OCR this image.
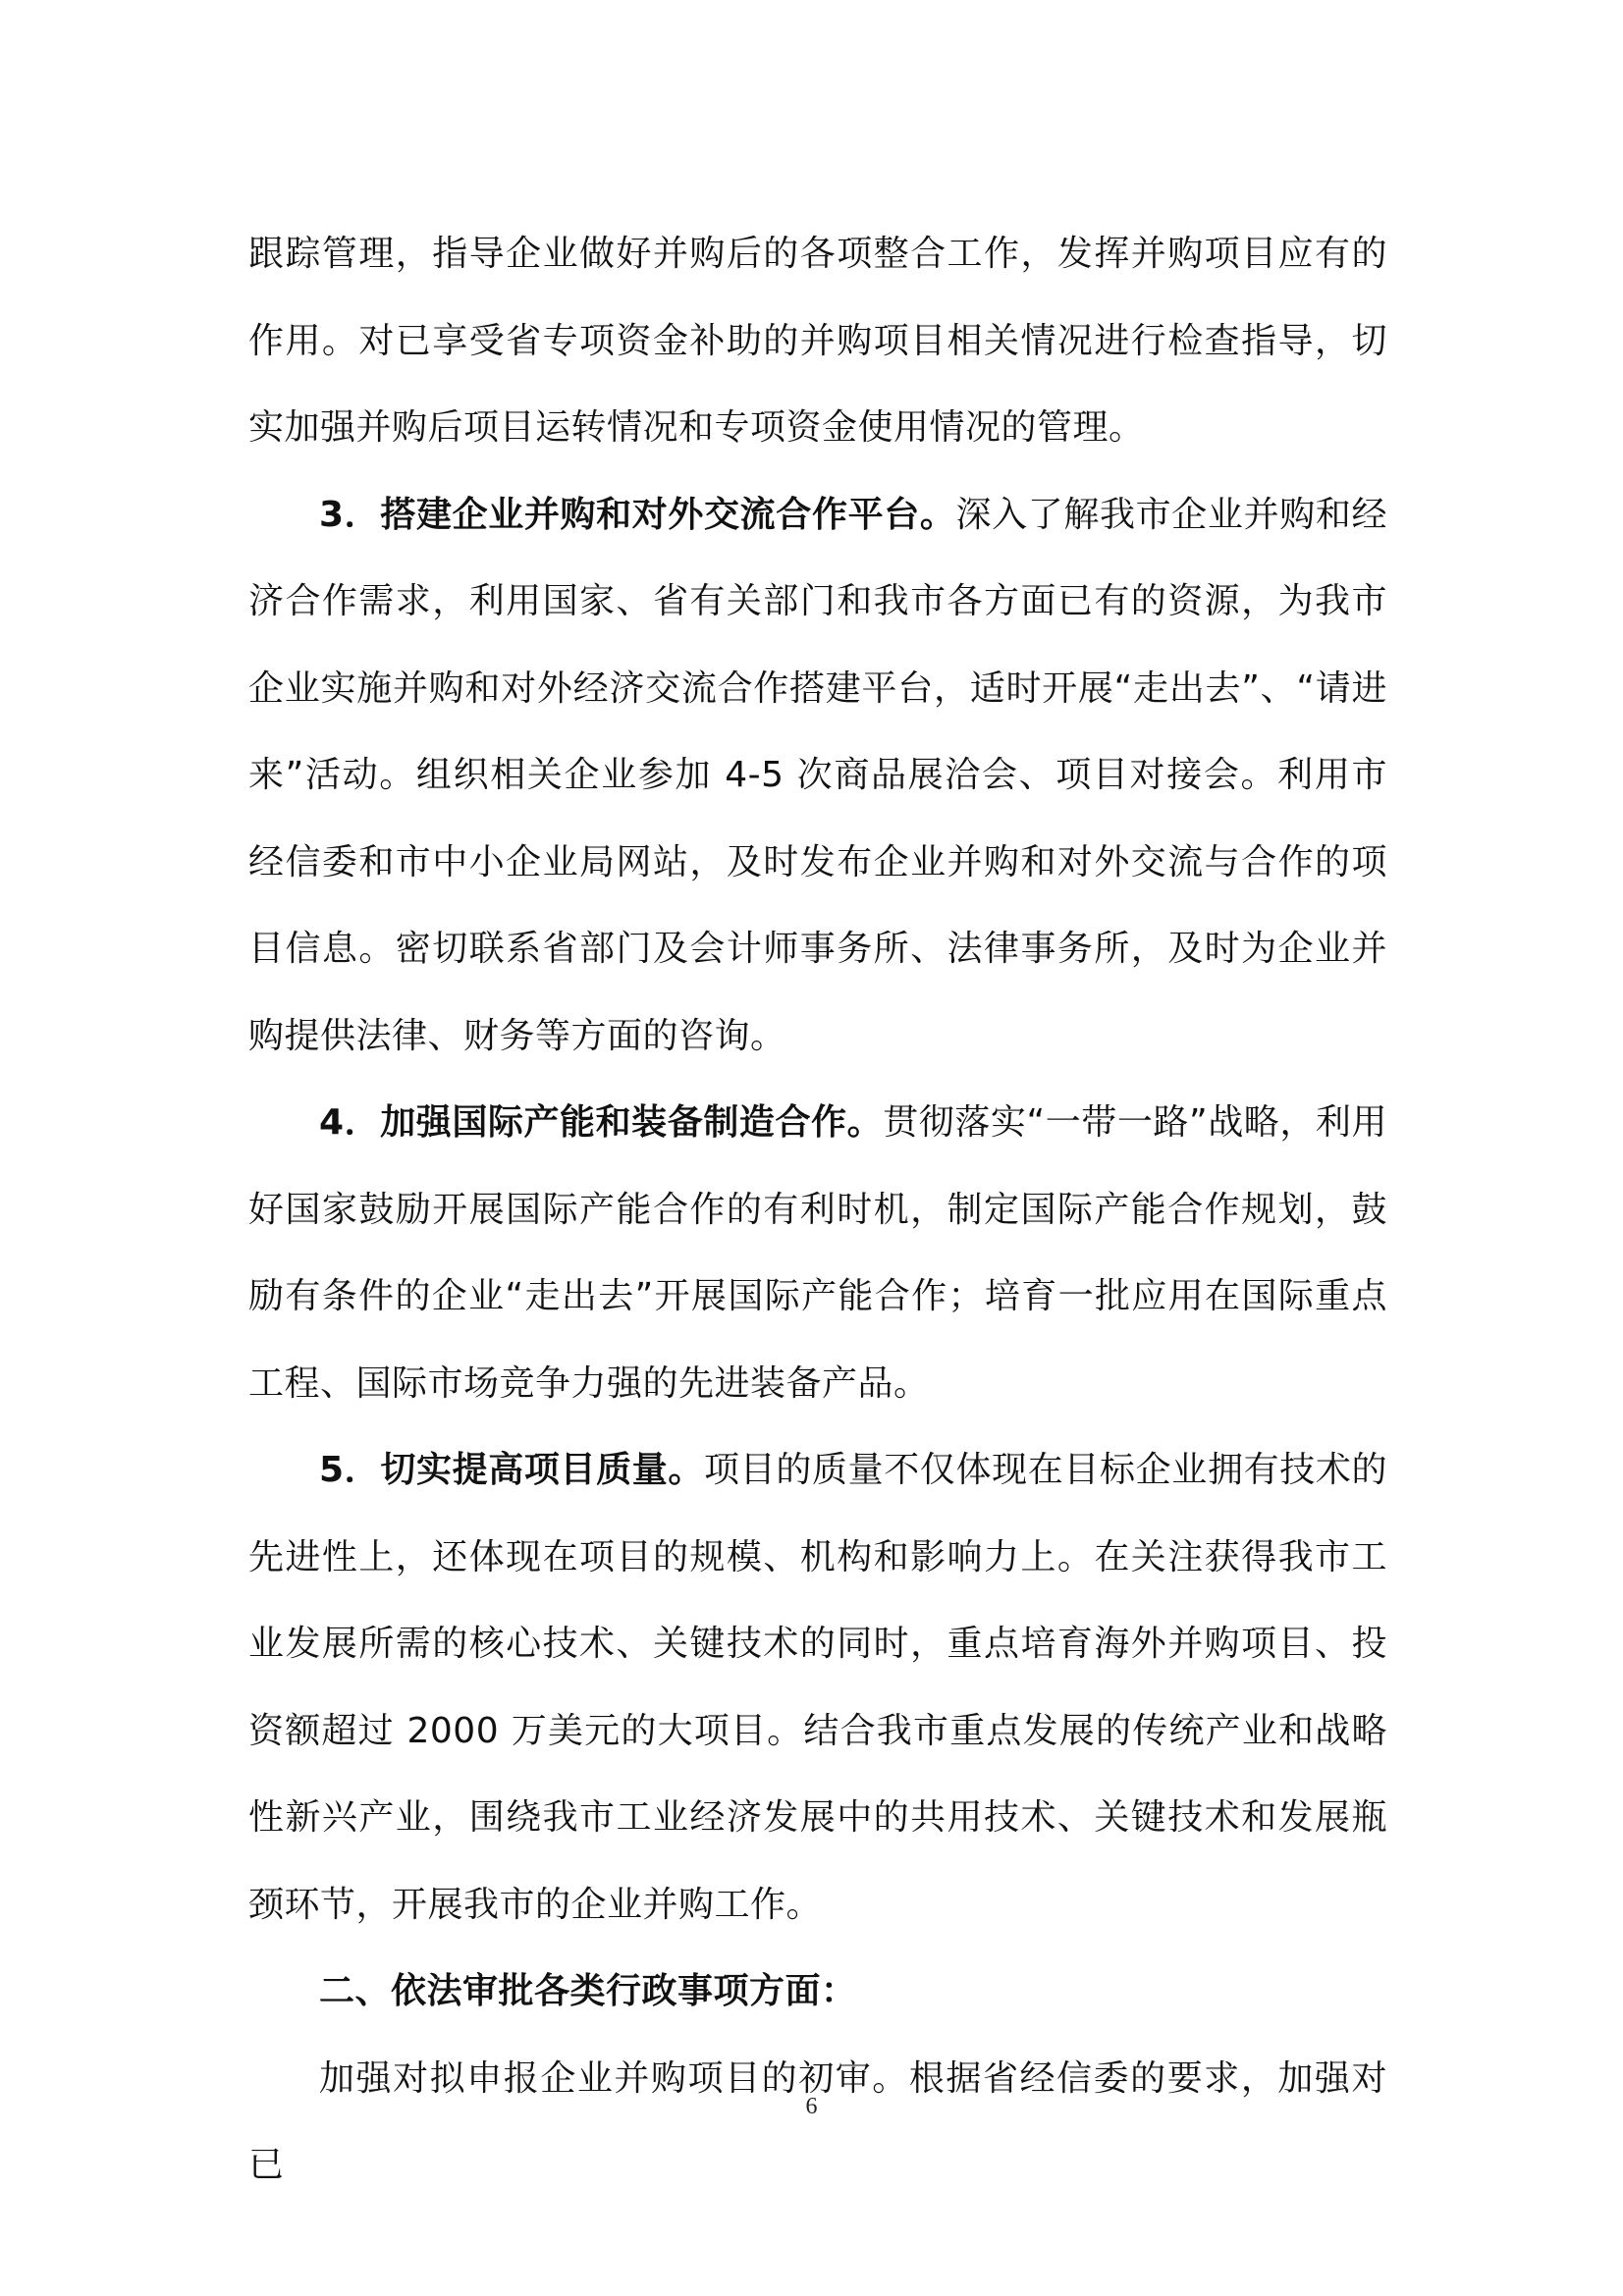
跟踪管理，指导企业做好并购后的各项整合工作，发挥并购项目应有的作用。对已享受省专项资金补助的并购项目相关情况进行检查指导，切实加强并购后项目运转情况和专项资金使用情况的管理。

3．搭建企业并购和对外交流合作平台。深入了解我市企业并购和经济合作需求，利用国家、省有关部门和我市各方面已有的资源，为我市企业实施并购和对外经济交流合作搭建平台，适时开展“走出去”、“请进来”活动。组织相关企业参加 4-5 次商品展洽会、项目对接会。利用市经信委和市中小企业局网站，及时发布企业并购和对外交流与合作的项目信息。密切联系省部门及会计师事务所、法律事务所，及时为企业并购提供法律、财务等方面的咨询。

4．加强国际产能和装备制造合作。贯彻落实“一带一路”战略，利用好国家鼓励开展国际产能合作的有利时机，制定国际产能合作规划，鼓励有条件的企业“走出去”开展国际产能合作；培育一批应用在国际重点工程、国际市场竞争力强的先进装备产品。

5．切实提高项目质量。项目的质量不仅体现在目标企业拥有技术的先进性上，还体现在项目的规模、机构和影响力上。在关注获得我市工业发展所需的核心技术、关键技术的同时，重点培育海外并购项目、投资额超过 2000 万美元的大项目。结合我市重点发展的传统产业和战略性新兴产业，围绕我市工业经济发展中的共用技术、关键技术和发展瓶颈环节，开展我市的企业并购工作。

二、依法审批各类行政事项方面：

加强对拟申报企业并购项目的初审。根据省经信委的要求，加强对已

6
